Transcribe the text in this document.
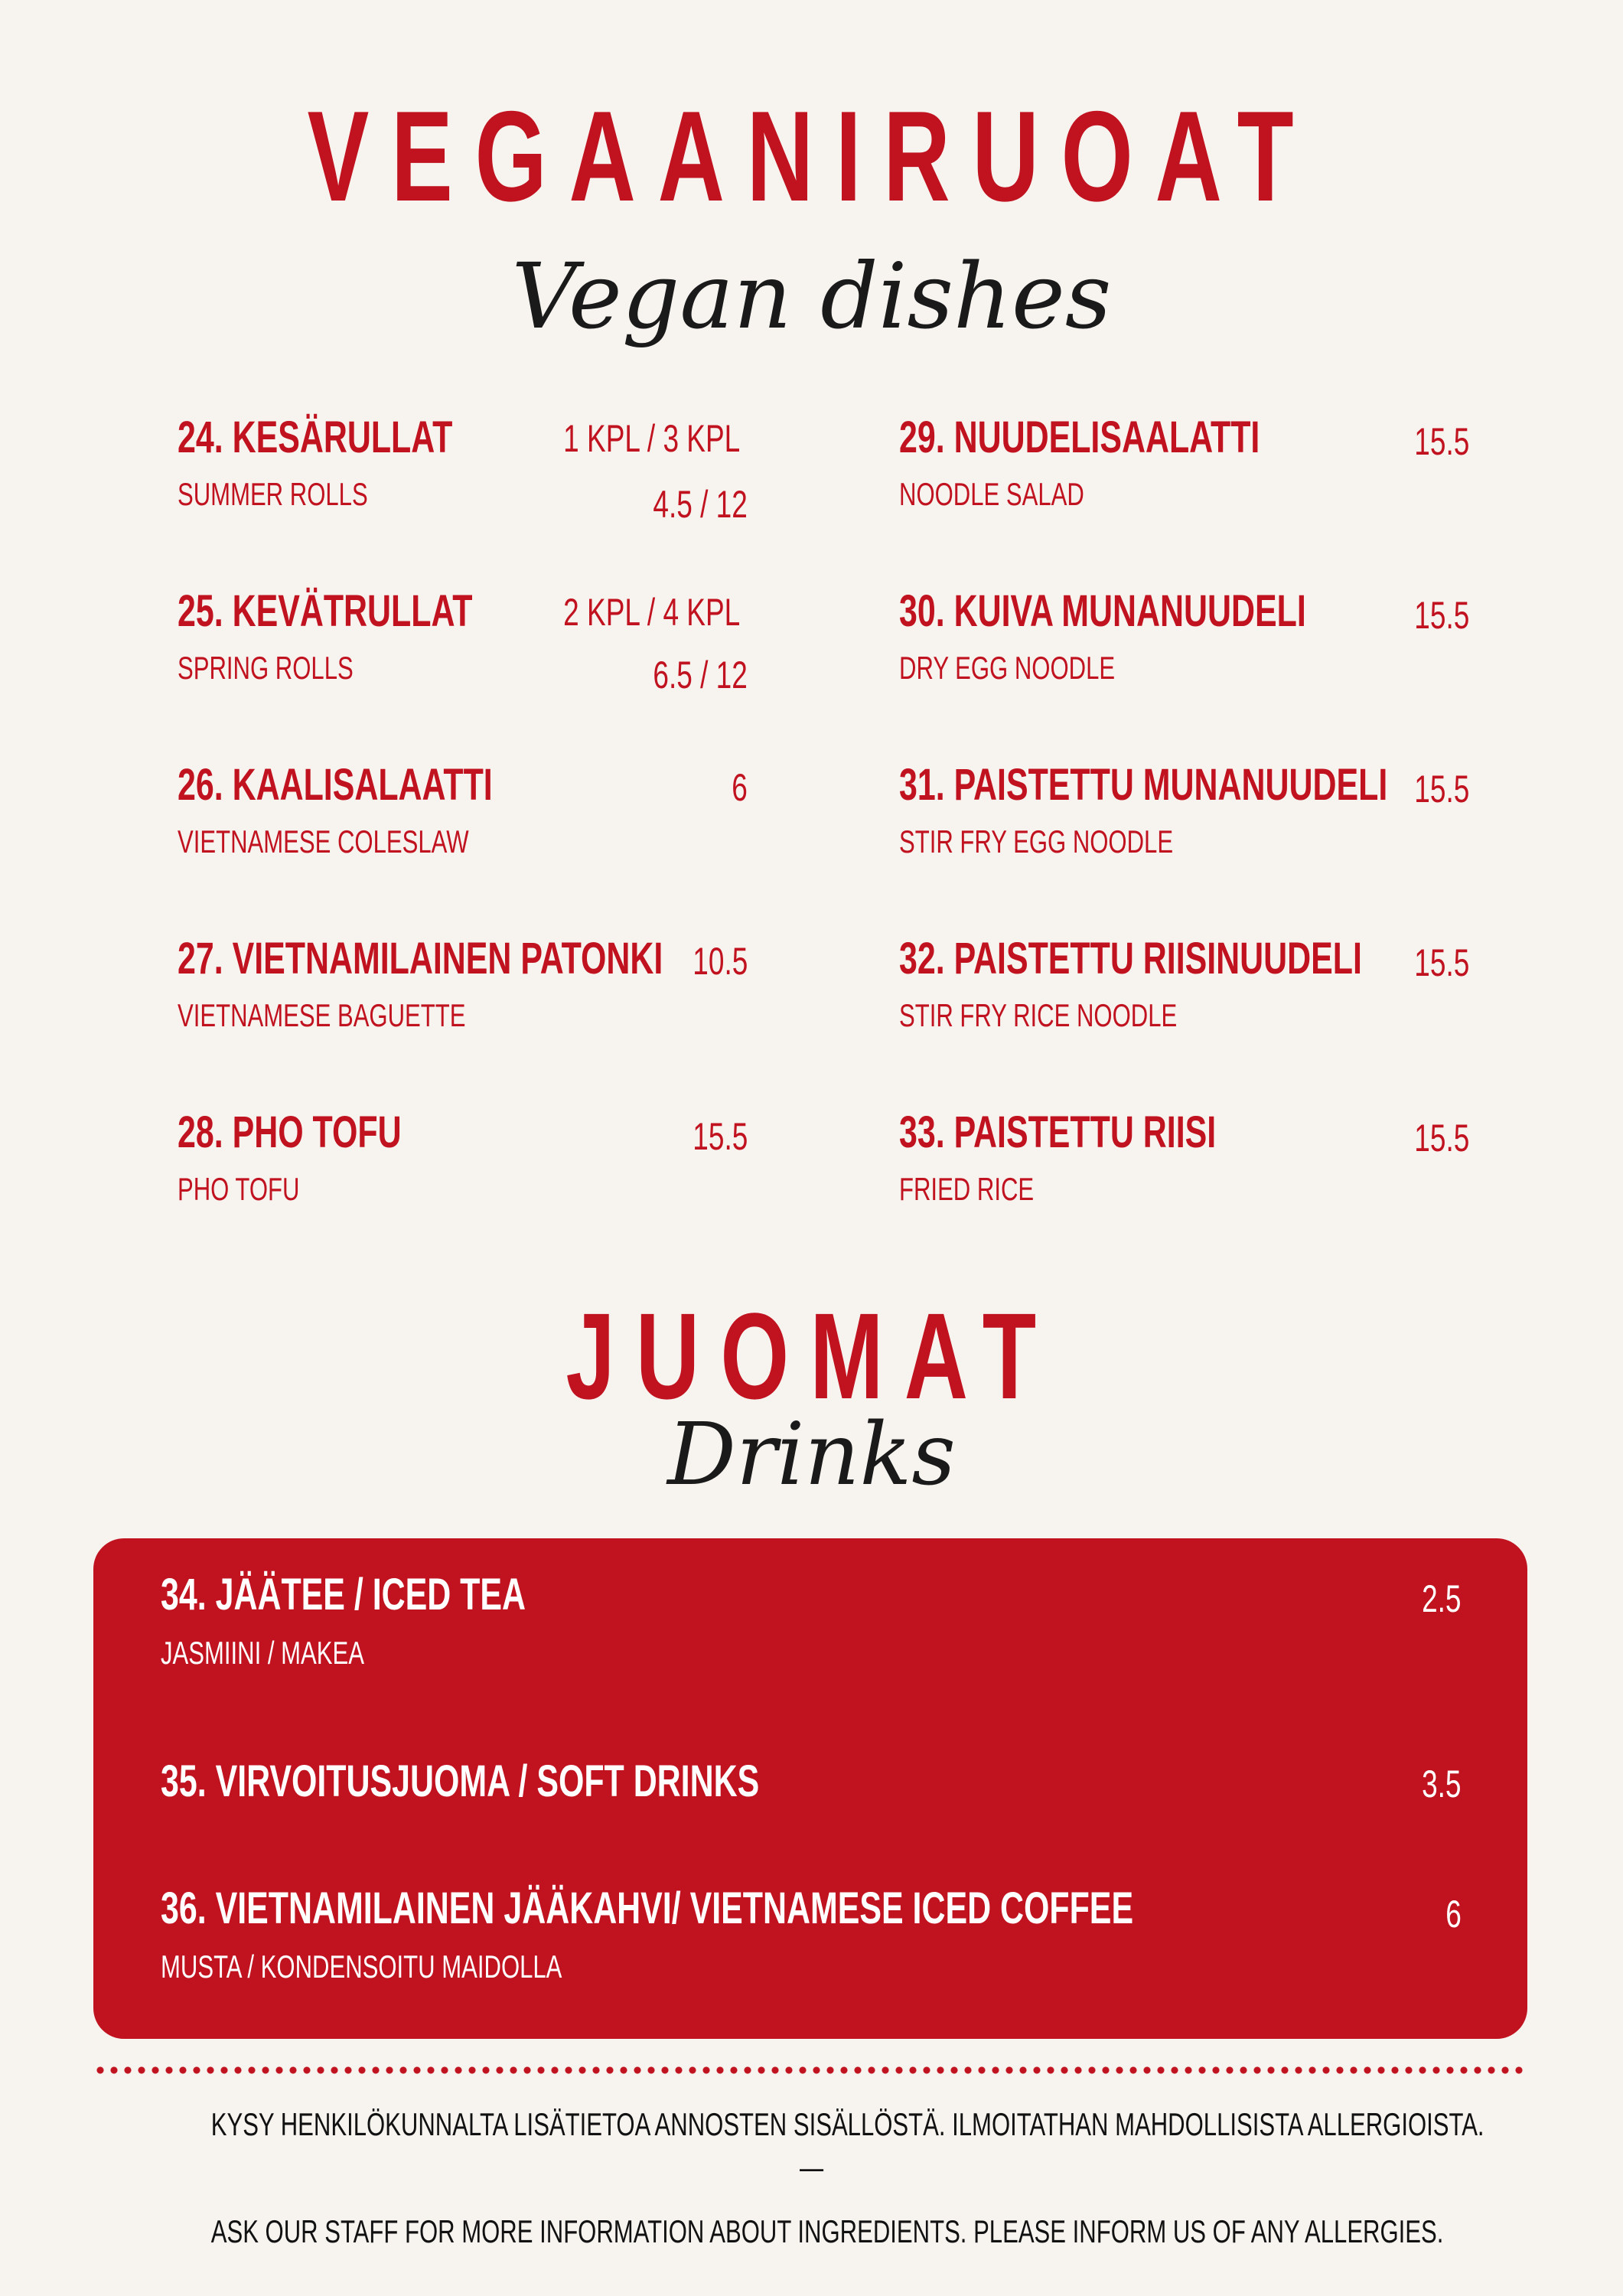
VEGAANIRUOAT
Vegan dishes
24. KESÄRULLAT
SUMMER ROLLS
1 KPL / 3 KPL
4.5 / 12
25. KEVÄTRULLAT
SPRING ROLLS
2 KPL / 4 KPL
6.5 / 12
26. KAALISALAATTI
VIETNAMESE COLESLAW
6
27. VIETNAMILAINEN PATONKI
VIETNAMESE BAGUETTE
10.5
28. PHO TOFU
PHO TOFU
15.5
29. NUUDELISAALATTI
NOODLE SALAD
15.5
30. KUIVA MUNANUUDELI
DRY EGG NOODLE
15.5
31. PAISTETTU MUNANUUDELI
STIR FRY EGG NOODLE
15.5
32. PAISTETTU RIISINUUDELI
STIR FRY RICE NOODLE
15.5
33. PAISTETTU RIISI
FRIED RICE
15.5
JUOMAT
Drinks
34. JÄÄTEE / ICED TEA
JASMIINI / MAKEA
2.5
35. VIRVOITUSJUOMA / SOFT DRINKS	3.5
36. VIETNAMILAINEN JÄÄKAHVI/ VIETNAMESE ICED COFFEE
MUSTA / KONDENSOITU MAIDOLLA
6
KYSY HENKILÖKUNNALTA LISÄTIETOA ANNOSTEN SISÄLLÖSTÄ. ILMOITATHAN MAHDOLLISISTA ALLERGIOISTA.
—
ASK OUR STAFF FOR MORE INFORMATION ABOUT INGREDIENTS. PLEASE INFORM US OF ANY ALLERGIES.
